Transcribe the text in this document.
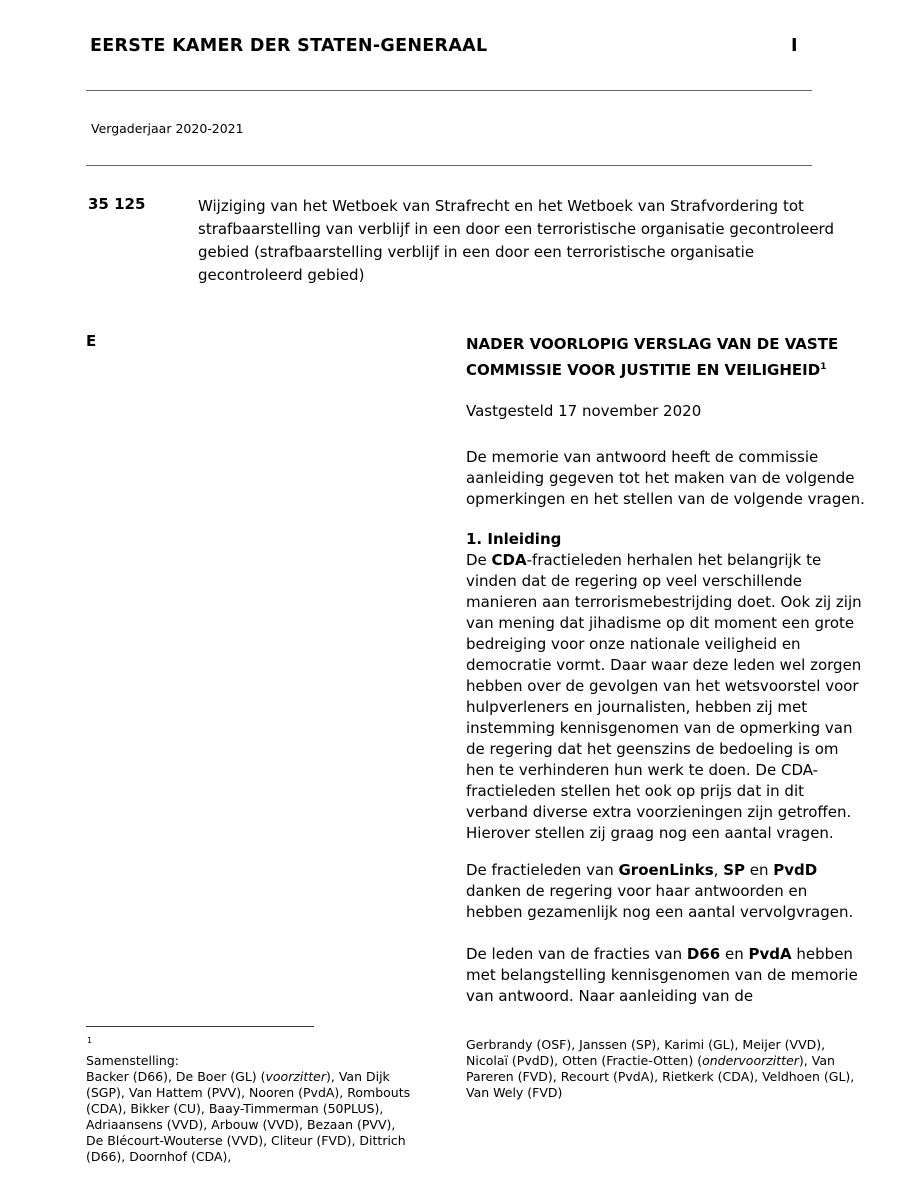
EERSTE KAMER DER STATEN-GENERAAL	I
Vergaderjaar 2020-2021
35 125	Wijziging van het Wetboek van Strafrecht en het Wetboek van Strafvordering tot strafbaarstelling van verblijf in een door een terroristische organisatie gecontroleerd gebied (strafbaarstelling verblijf in een door een terroristische organisatie gecontroleerd gebied)
E	NADER VOORLOPIG VERSLAG VAN DE VASTE COMMISSIE VOOR JUSTITIE EN VEILIGHEID$^1$
Vastgesteld 17 november 2020
De memorie van antwoord heeft de commissie aanleiding gegeven tot het maken van de volgende opmerkingen en het stellen van de volgende vragen.
1. Inleiding

De CDA-fractieleden herhalen het belangrijk te vinden dat de regering op veel verschillende manieren aan terrorismebestrijding doet. Ook zij zijn van mening dat jihadisme op dit moment een grote bedreiging voor onze nationale veiligheid en democratie vormt. Daar waar deze leden wel zorgen hebben over de gevolgen van het wetsvoorstel voor hulpverleners en journalisten, hebben zij met instemming kennisgenomen van de opmerking van de regering dat het geenszins de bedoeling is om hen te verhinderen hun werk te doen. De CDA-fractieleden stellen het ook op prijs dat in dit verband diverse extra voorzieningen zijn getroffen. Hierover stellen zij graag nog een aantal vragen.

De fractieleden van GroenLinks, SP en PvdD danken de regering voor haar antwoorden en hebben gezamenlijk nog een aantal vervolgvragen.
De leden van de fracties van D66 en PvdA hebben met belangstelling kennisgenomen van de memorie van antwoord. Naar aanleiding van de
1
Samenstelling:
Backer (D66), De Boer (GL) (voorzitter), Van Dijk (SGP), Van Hattem (PVV), Nooren (PvdA), Rombouts (CDA), Bikker (CU), Baay-Timmerman (50PLUS), Adriaansens (VVD), Arbouw (VVD), Bezaan (PVV), De Blécourt-Wouterse (VVD), Cliteur (FVD), Dittrich (D66), Doornhof (CDA),
Gerbrandy (OSF), Janssen (SP), Karimi (GL), Meijer (VVD), Nicolaï (PvdD), Otten (Fractie-Otten) (ondervoorzitter), Van Pareren (FVD), Recourt (PvdA), Rietkerk (CDA), Veldhoen (GL), Van Wely (FVD)
